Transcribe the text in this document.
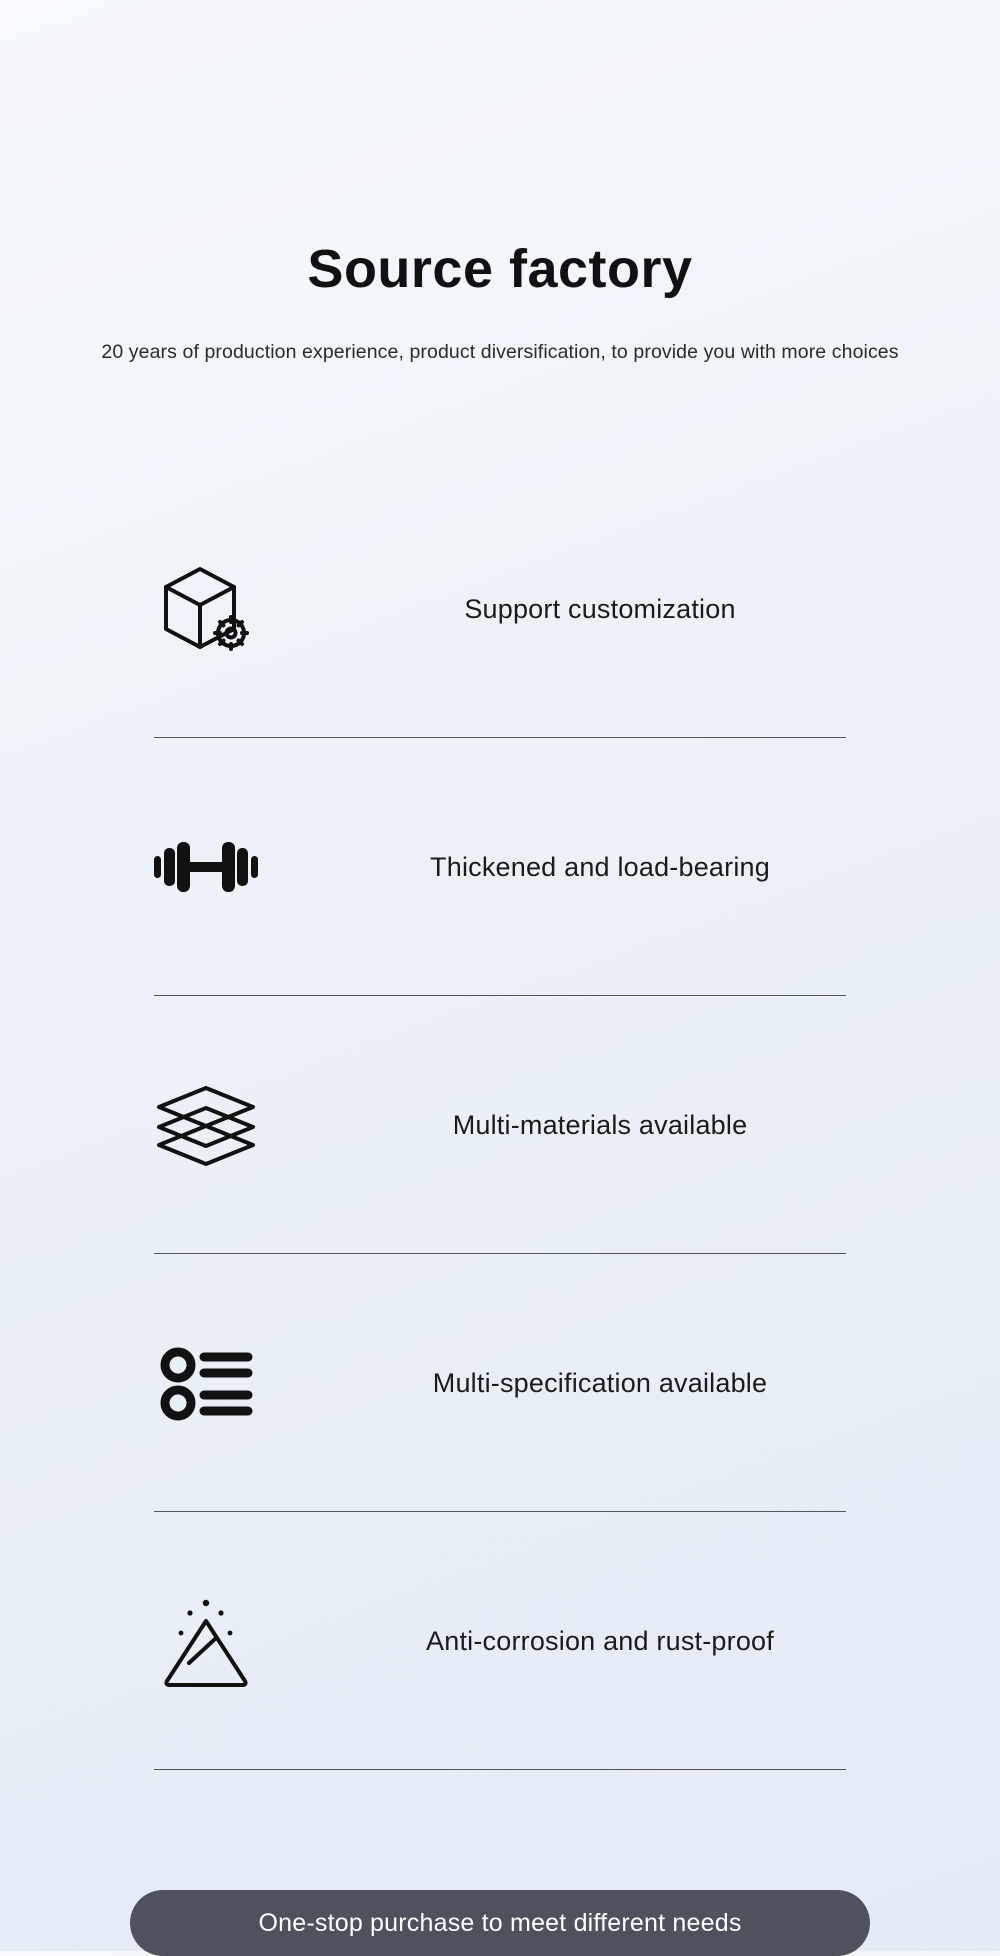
Source factory

20 years of production experience, product diversification, to provide you with more choices

Support customization
Thickened and load-bearing
Multi-materials available
Multi-specification available
Anti-corrosion and rust-proof
One-stop purchase to meet different needs
